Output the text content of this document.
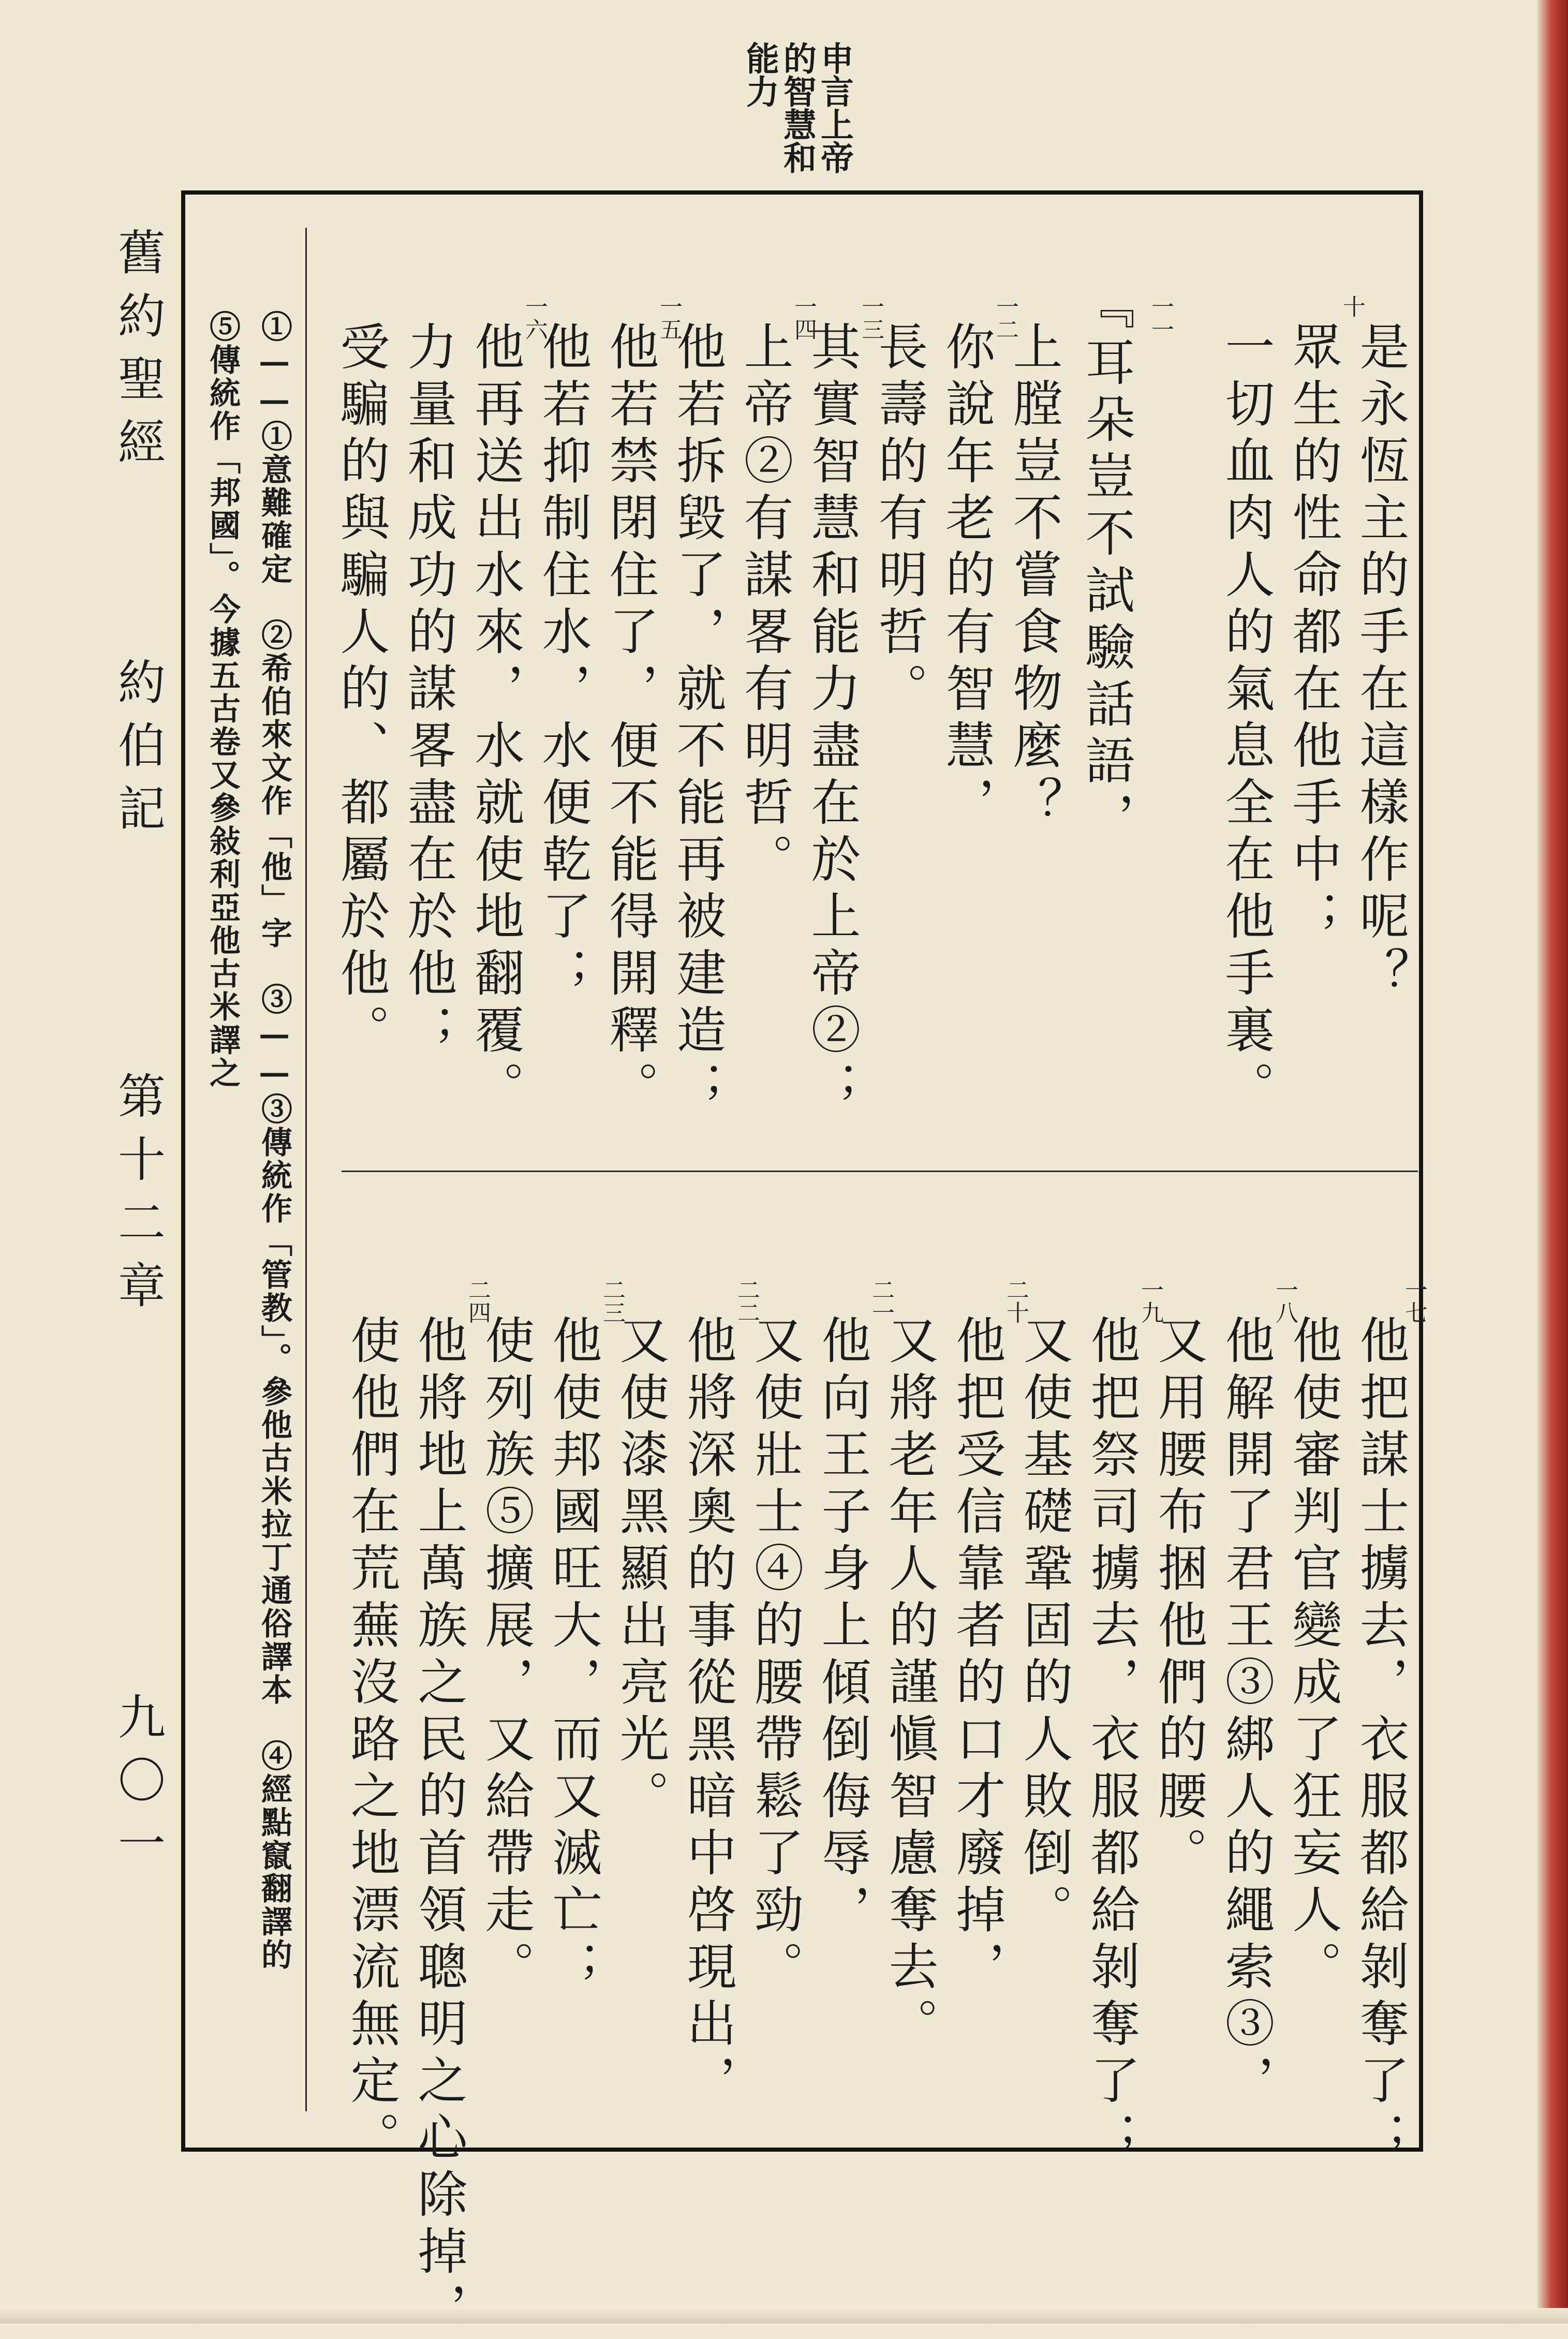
申言上帝
的智慧和
能力
舊約聖經
約伯記
第十二章
九〇一
是永恆主的手在這樣作呢？
十
眾生的性命都在他手中；
一切血肉人的氣息全在他手裏。
一一
『耳朵豈不試驗話語，
上膛豈不嘗食物麼？
一二
你說年老的有智慧，
長壽的有明哲。
一三
其實智慧和能力盡在於上帝②；
一四
上帝②有謀畧有明哲。
他若拆毀了，就不能再被建造；
一五
他若禁閉住了，便不能得開釋。
他若抑制住水，水便乾了；
一六
他再送出水來，水就使地翻覆。
力量和成功的謀畧盡在於他；
受騙的與騙人的、都屬於他。
一七
他把謀士擄去，衣服都給剝奪了；
他使審判官變成了狂妄人。
一八
他解開了君王③綁人的繩索③，
又用腰布捆他們的腰。
一九
他把祭司擄去，衣服都給剝奪了；
又使基礎鞏固的人敗倒。
二十
他把受信靠者的口才廢掉，
又將老年人的謹愼智慮奪去。
二一
他向王子身上傾倒侮辱，
又使壯士④的腰帶鬆了勁。
二二
他將深奧的事從黑暗中啓現出，
又使漆黑顯出亮光。
二三
他使邦國旺大，而又滅亡；
使列族⑤擴展，又給帶走。
二四
他將地上萬族之民的首領聰明之心除掉，
使他們在荒蕪沒路之地漂流無定。
①——①意難確定　②希伯來文作「他」字　③——③傳統作「管教」。參他古米拉丁通俗譯本　④經點竄翻譯的
⑤傳統作「邦國」。今據五古卷又參敍利亞他古米譯之
